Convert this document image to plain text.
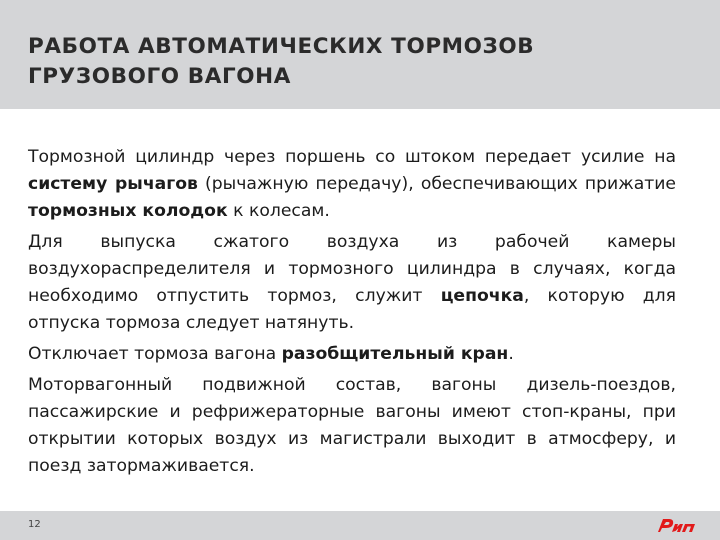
РАБОТА АВТОМАТИЧЕСКИХ ТОРМОЗОВ
ГРУЗОВОГО ВАГОНА

Тормозной цилиндр через поршень со штоком передает усилие на систему рычагов (рычажную передачу), обеспечивающих прижатие тормозных колодок к колесам.

Для выпуска сжатого воздуха из рабочей камеры воздухораспределителя и тормозного цилиндра в случаях, когда необходимо отпустить тормоз, служит цепочка, которую для отпуска тормоза следует натянуть.

Отключает тормоза вагона разобщительный кран.

Моторвагонный подвижной состав, вагоны дизель-поездов, пассажирские и рефрижераторные вагоны имеют стоп-краны, при открытии которых воздух из магистрали выходит в атмосферу, и поезд затормаживается.

12
